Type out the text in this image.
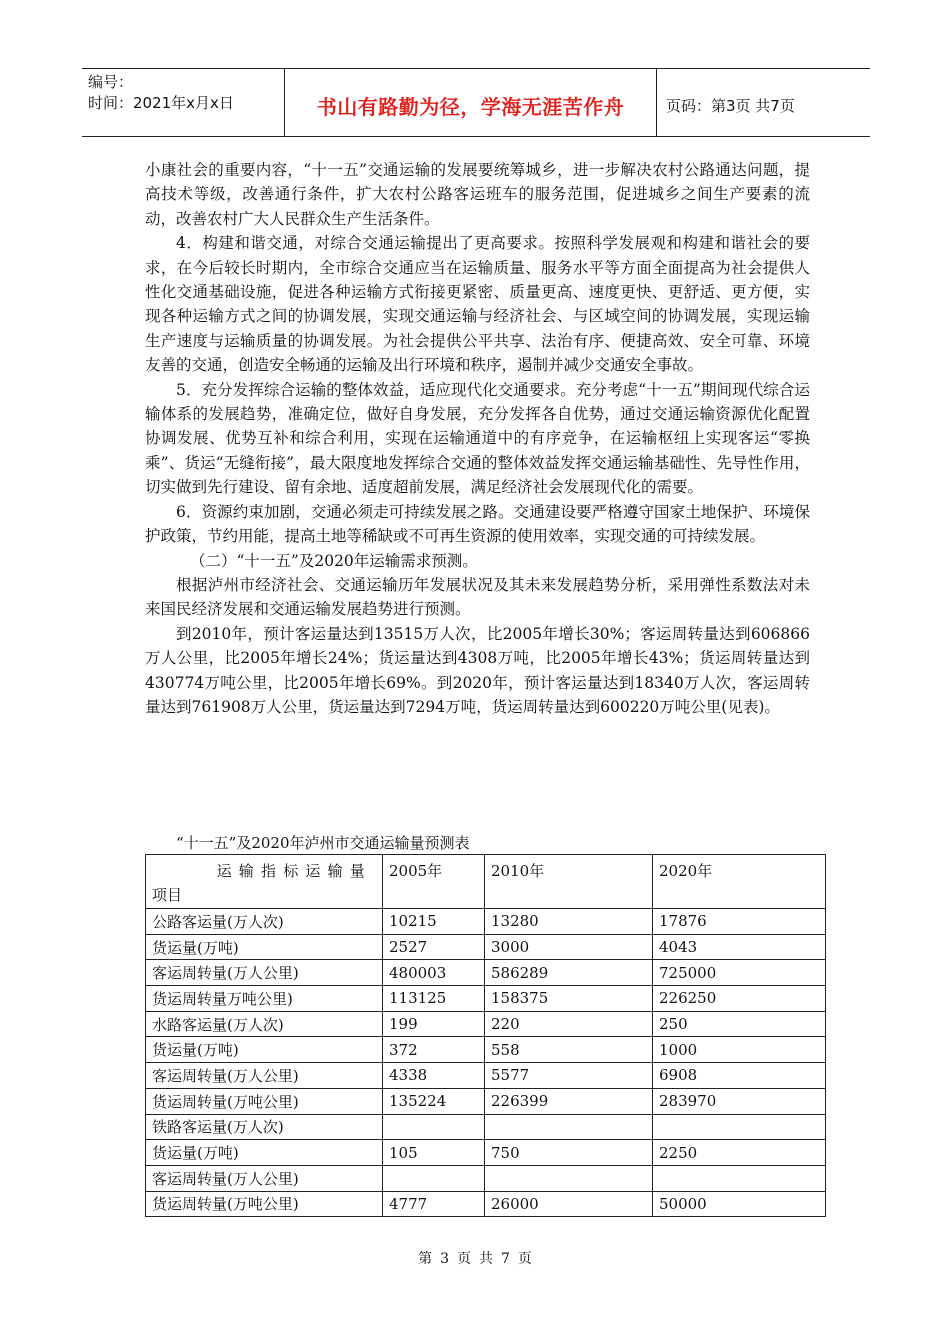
编号：
时间：2021年x月x日	书山有路勤为径，学海无涯苦作舟	页码：第3页 共7页

小康社会的重要内容，“十一五”交通运输的发展要统筹城乡，进一步解决农村公路通达问题，提高技术等级，改善通行条件，扩大农村公路客运班车的服务范围，促进城乡之间生产要素的流动，改善农村广大人民群众生产生活条件。

4．构建和谐交通，对综合交通运输提出了更高要求。按照科学发展观和构建和谐社会的要求，在今后较长时期内，全市综合交通应当在运输质量、服务水平等方面全面提高为社会提供人性化交通基础设施，促进各种运输方式衔接更紧密、质量更高、速度更快、更舒适、更方便，实现各种运输方式之间的协调发展，实现交通运输与经济社会、与区域空间的协调发展，实现运输生产速度与运输质量的协调发展。为社会提供公平共享、法治有序、便捷高效、安全可靠、环境友善的交通，创造安全畅通的运输及出行环境和秩序，遏制并减少交通安全事故。

5．充分发挥综合运输的整体效益，适应现代化交通要求。充分考虑“十一五”期间现代综合运输体系的发展趋势，准确定位，做好自身发展，充分发挥各自优势，通过交通运输资源优化配置协调发展、优势互补和综合利用，实现在运输通道中的有序竞争，在运输枢纽上实现客运“零换乘”、货运“无缝衔接”，最大限度地发挥综合交通的整体效益发挥交通运输基础性、先导性作用，切实做到先行建设、留有余地、适度超前发展，满足经济社会发展现代化的需要。

6．资源约束加剧，交通必须走可持续发展之路。交通建设要严格遵守国家土地保护、环境保护政策，节约用能，提高土地等稀缺或不可再生资源的使用效率，实现交通的可持续发展。

（二）“十一五”及2020年运输需求预测。

根据泸州市经济社会、交通运输历年发展状况及其未来发展趋势分析，采用弹性系数法对未来国民经济发展和交通运输发展趋势进行预测。

到2010年，预计客运量达到13515万人次，比2005年增长30%；客运周转量达到606866万人公里，比2005年增长24%；货运量达到4308万吨，比2005年增长43%；货运周转量达到430774万吨公里，比2005年增长69%。到2020年，预计客运量达到18340万人次，客运周转量达到761908万人公里，货运量达到7294万吨，货运周转量达到600220万吨公里(见表)。

“十一五”及2020年泸州市交通运输量预测表
运输指标运输量
项目	2005年	2010年	2020年
公路客运量(万人次)	10215	13280	17876
货运量(万吨)	2527	3000	4043
客运周转量(万人公里)	480003	586289	725000
货运周转量万吨公里)	113125	158375	226250
水路客运量(万人次)	199	220	250
货运量(万吨)	372	558	1000
客运周转量(万人公里)	4338	5577	6908
货运周转量(万吨公里)	135224	226399	283970
铁路客运量(万人次)			
货运量(万吨)	105	750	2250
客运周转量(万人公里)			
货运周转量(万吨公里)	4777	26000	50000
第 3 页 共 7 页
